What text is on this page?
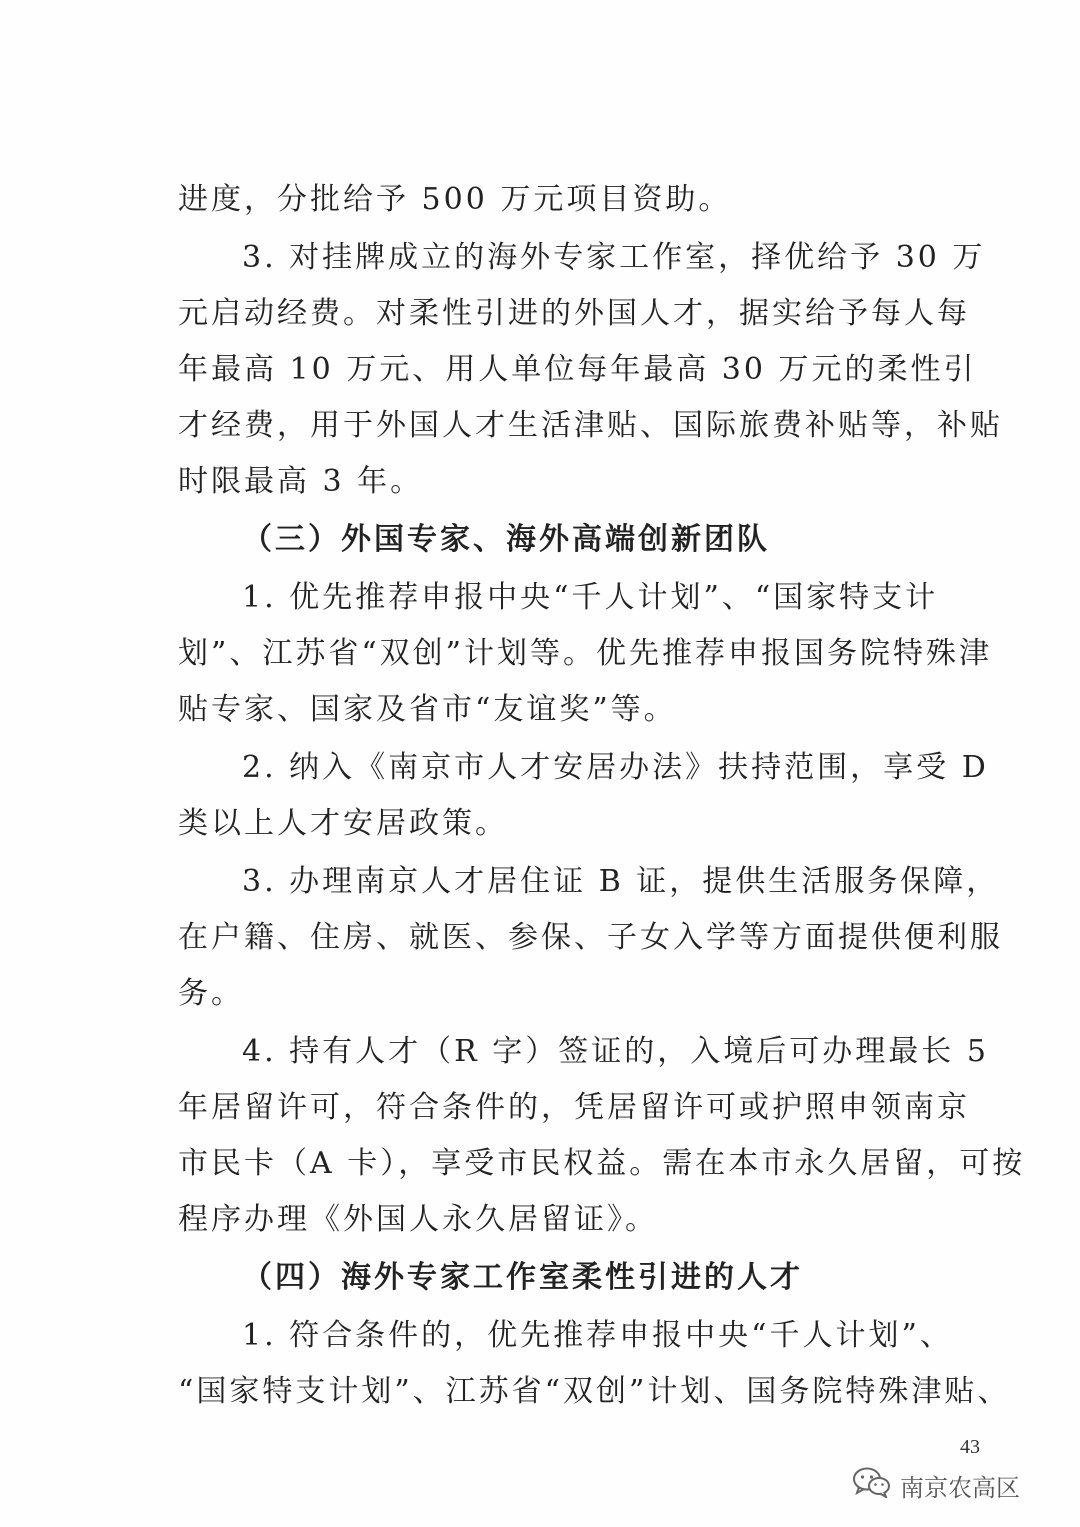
进度，分批给予 500 万元项目资助。
3. 对挂牌成立的海外专家工作室，择优给予 30 万
元启动经费。对柔性引进的外国人才，据实给予每人每
年最高 10 万元、用人单位每年最高 30 万元的柔性引
才经费，用于外国人才生活津贴、国际旅费补贴等，补贴
时限最高 3 年。
（三）外国专家、海外高端创新团队
1. 优先推荐申报中央“千人计划”、“国家特支计
划”、江苏省“双创”计划等。优先推荐申报国务院特殊津
贴专家、国家及省市“友谊奖”等。
2. 纳入《南京市人才安居办法》扶持范围，享受 D
类以上人才安居政策。
3. 办理南京人才居住证 B 证，提供生活服务保障，
在户籍、住房、就医、参保、子女入学等方面提供便利服
务。
4. 持有人才（R 字）签证的，入境后可办理最长 5
年居留许可，符合条件的，凭居留许可或护照申领南京
市民卡（A 卡），享受市民权益。需在本市永久居留，可按
程序办理《外国人永久居留证》。
（四）海外专家工作室柔性引进的人才
1. 符合条件的，优先推荐申报中央“千人计划”、
“国家特支计划”、江苏省“双创”计划、国务院特殊津贴、
43
南京农高区
